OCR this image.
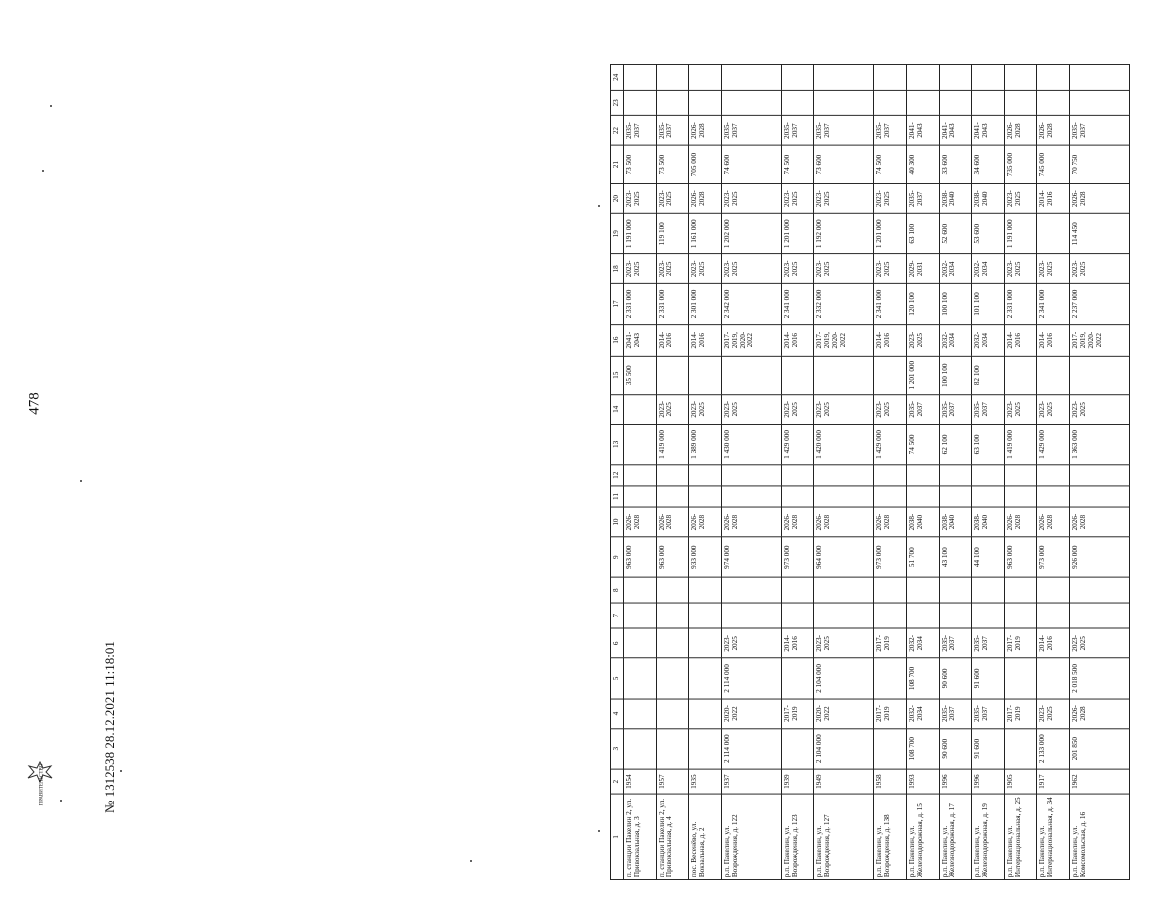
478
1	2	3	4	5	6	7	8	9	10	11	12	13	14	15	16	17	18	19	20	21	22	23	24
п. станции Пакелин 2, ул. Привокзальная, д. 3	1954							963 000	2026-2028					35 500	2041-2043	2 331 000	2023-2025	1 191 000	2023-2025	73 500	2035-2037		
п. станции Пакелин 2, ул. Привокзальная, д. 4	1957							963 000	2026-2028			1 419 000	2023-2025		2014-2016	2 331 000	2023-2025	119 100	2023-2025	73 500	2035-2037		
пос. Весенёво, ул. Вокзальная, д. 2	1935							933 000	2026-2028			1 389 000	2023-2025		2014-2016	2 301 000	2023-2025	1 161 000	2026-2028	705 000	2026-2028		
р.п. Пакелин, ул. Возрождения, д. 122	1937	2 114 000	2020-2022	2 114 000	2023-2025			974 000	2026-2028			1 430 000	2023-2025		2017-2019, 2020-2022	2 342 000	2023-2025	1 202 000	2023-2025	74 600	2035-2037		
р.п. Пакелин, ул. Возрождения, д. 123	1939		2017-2019		2014-2016			973 000	2026-2028			1 429 000	2023-2025		2014-2016	2 341 000	2023-2025	1 201 000	2023-2025	74 500	2035-2037		
р.п. Пакелин, ул. Возрождения, д. 127	1949	2 104 000	2020-2022	2 104 000	2023-2025			964 000	2026-2028			1 420 000	2023-2025		2017-2019, 2020-2022	2 332 000	2023-2025	1 192 000	2023-2025	73 600	2035-2037		
р.п. Пакелин, ул. Возрождения, д. 138	1958		2017-2019		2017-2019			973 000	2026-2028			1 429 000	2023-2025		2014-2016	2 341 000	2023-2025	1 201 000	2023-2025	74 500	2035-2037		
р.п. Пакелин, ул. Железнодорожная, д. 15	1993	108 700	2032-2034	108 700	2032-2034			51 700	2038-2040			74 500	2035-2037	1 201 000	2023-2025	120 100	2029-2031	63 100	2035-2037	40 300	2041-2043		
р.п. Пакелин, ул. Железнодорожная, д. 17	1996	90 600	2035-2037	90 600	2035-2037			43 100	2038-2040			62 100	2035-2037	100 100	2032-2034	100 100	2032-2034	52 600	2038-2040	33 600	2041-2043		
р.п. Пакелин, ул. Железнодорожная, д. 19	1996	91 600	2035-2037	91 600	2035-2037			44 100	2038-2040			63 100	2035-2037	82 100	2032-2034	101 100	2032-2034	53 600	2038-2040	34 600	2041-2043		
р.п. Пакелин, ул. Интернациональная, д. 25	1905		2017-2019		2017-2019			963 000	2026-2028			1 419 000	2023-2025		2014-2016	2 331 000	2023-2025	1 191 000	2023-2025	735 000	2026-2028		
р.п. Пакелин, ул. Интернациональная, д. 34	1917	2 133 000	2023-2025		2014-2016			973 000	2026-2028			1 429 000	2023-2025		2014-2016	2 341 000	2023-2025		2014-2016	745 000	2026-2028		
р.п. Пакелин, ул. Комсомольская, д. 16	1962	201 850	2026-2028	2 018 500	2023-2025			926 000	2026-2028			1 363 000	2023-2025		2017-2019, 2020-2022	2 237 000	2023-2025	114 450	2026-2028	70 750	2035-2037		
№ 1312538 28.12.2021 11:18:01
ПРАВИТЕЛЬСТВО
